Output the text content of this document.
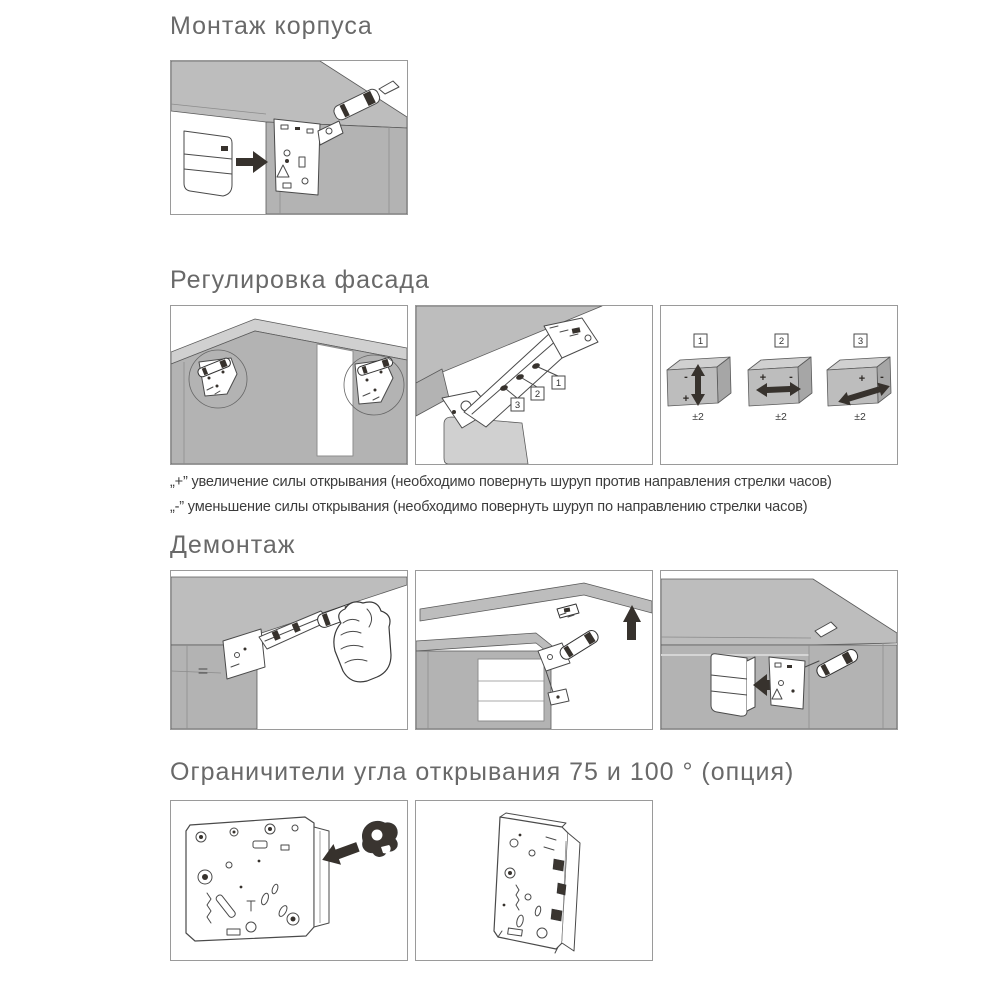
Монтаж корпуса
Регулировка фасада
1
2
3
1
-
+
±2
2
+ -
±2
3
+ -
±2
„+” увеличение силы открывания (необходимо повернуть шуруп против направления стрелки часов)
„-” уменьшение силы открывания (необходимо повернуть шуруп по направлению стрелки часов)
Демонтаж
Ограничители угла открывания 75 и 100 ° (опция)
